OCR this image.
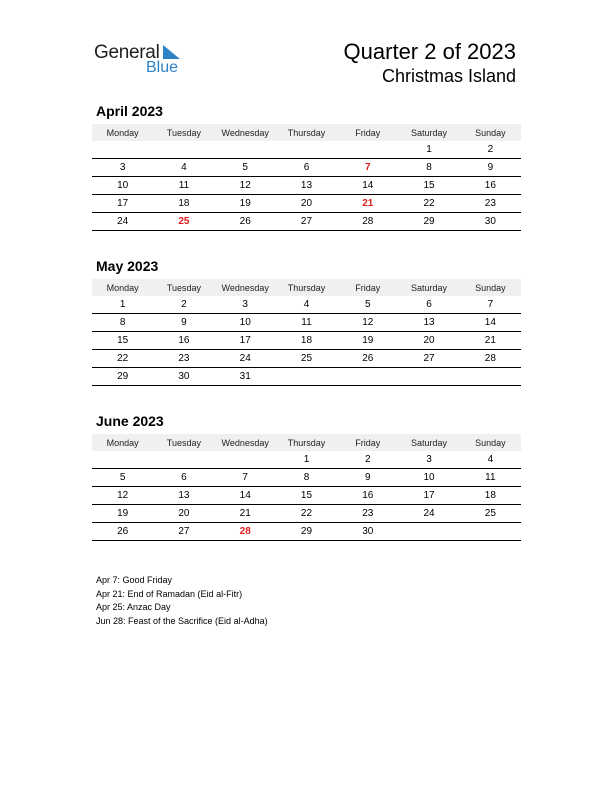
General
Blue
Quarter 2 of 2023
Christmas Island
April 2023
Monday	Tuesday	Wednesday	Thursday	Friday	Saturday	Sunday
					1	2
3	4	5	6	7	8	9
10	11	12	13	14	15	16
17	18	19	20	21	22	23
24	25	26	27	28	29	30
May 2023
Monday	Tuesday	Wednesday	Thursday	Friday	Saturday	Sunday
1	2	3	4	5	6	7
8	9	10	11	12	13	14
15	16	17	18	19	20	21
22	23	24	25	26	27	28
29	30	31				
June 2023
Monday	Tuesday	Wednesday	Thursday	Friday	Saturday	Sunday
			1	2	3	4
5	6	7	8	9	10	11
12	13	14	15	16	17	18
19	20	21	22	23	24	25
26	27	28	29	30		
Apr 7: Good Friday
Apr 21: End of Ramadan (Eid al-Fitr)
Apr 25: Anzac Day
Jun 28: Feast of the Sacrifice (Eid al-Adha)
